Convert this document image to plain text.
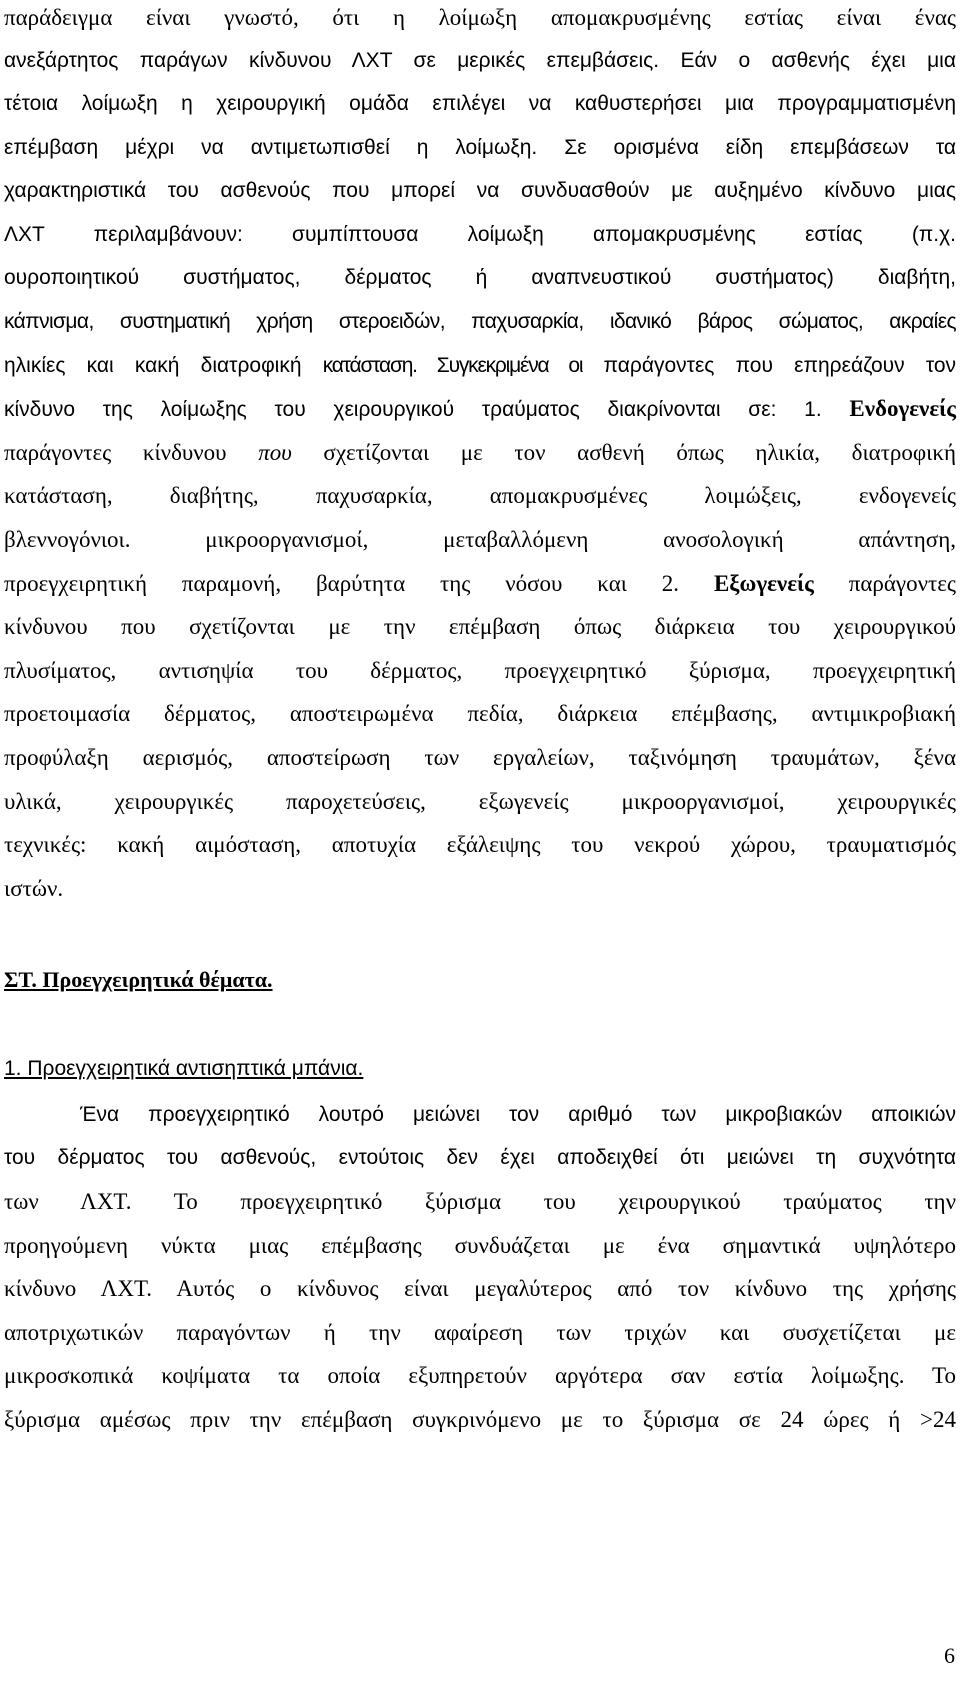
παράδειγμα είναι γνωστό, ότι η λοίμωξη απομακρυσμένης εστίας είναι ένας
ανεξάρτητος παράγων κίνδυνου ΛΧΤ σε μερικές επεμβάσεις. Εάν ο ασθενής έχει μια
τέτοια λοίμωξη η χειρουργική ομάδα επιλέγει να καθυστερήσει μια προγραμματισμένη
επέμβαση μέχρι να αντιμετωπισθεί η λοίμωξη. Σε ορισμένα είδη επεμβάσεων τα
χαρακτηριστικά του ασθενούς που μπορεί να συνδυασθούν με αυξημένο κίνδυνο μιας
ΛΧΤ περιλαμβάνουν: συμπίπτουσα λοίμωξη απομακρυσμένης εστίας (π.χ.
ουροποιητικού συστήματος, δέρματος ή αναπνευστικού συστήματος) διαβήτη,
κάπνισμα, συστηματική χρήση στεροειδών, παχυσαρκία, ιδανικό βάρος σώματος, ακραίες
ηλικίες και κακή διατροφική κατάσταση. Συγκεκριμένα οι παράγοντες που επηρεάζουν τον
κίνδυνο της λοίμωξης του χειρουργικού τραύματος διακρίνονται σε: 1. Ενδογενείς
παράγοντες κίνδυνου που σχετίζονται με τον ασθενή όπως ηλικία, διατροφική
κατάσταση, διαβήτης, παχυσαρκία, απομακρυσμένες λοιμώξεις, ενδογενείς
βλεννογόνιοι. μικροοργανισμοί, μεταβαλλόμενη ανοσολογική απάντηση,
προεγχειρητική παραμονή, βαρύτητα της νόσου και 2. Εξωγενείς παράγοντες
κίνδυνου που σχετίζονται με την επέμβαση όπως διάρκεια του χειρουργικού
πλυσίματος, αντισηψία του δέρματος, προεγχειρητικό ξύρισμα, προεγχειρητική
προετοιμασία δέρματος, αποστειρωμένα πεδία, διάρκεια επέμβασης, αντιμικροβιακή
προφύλαξη αερισμός, αποστείρωση των εργαλείων, ταξινόμηση τραυμάτων, ξένα
υλικά, χειρουργικές παροχετεύσεις, εξωγενείς μικροοργανισμοί, χειρουργικές
τεχνικές: κακή αιμόσταση, αποτυχία εξάλειψης του νεκρού χώρου, τραυματισμός
ιστών.
ΣΤ. Προεγχειρητικά θέματα.
1. Προεγχειρητικά αντισηπτικά μπάνια.
Ένα προεγχειρητικό λουτρό μειώνει τον αριθμό των μικροβιακών αποικιών
του δέρματος του ασθενούς, εντούτοις δεν έχει αποδειχθεί ότι μειώνει τη συχνότητα
των ΛΧΤ. Το προεγχειρητικό ξύρισμα του χειρουργικού τραύματος την
προηγούμενη νύκτα μιας επέμβασης συνδυάζεται με ένα σημαντικά υψηλότερο
κίνδυνο ΛΧΤ. Αυτός ο κίνδυνος είναι μεγαλύτερος από τον κίνδυνο της χρήσης
αποτριχωτικών παραγόντων ή την αφαίρεση των τριχών και συσχετίζεται με
μικροσκοπικά κοψίματα τα οποία εξυπηρετούν αργότερα σαν εστία λοίμωξης. Το
ξύρισμα αμέσως πριν την επέμβαση συγκρινόμενο με το ξύρισμα σε 24 ώρες ή >24
6
